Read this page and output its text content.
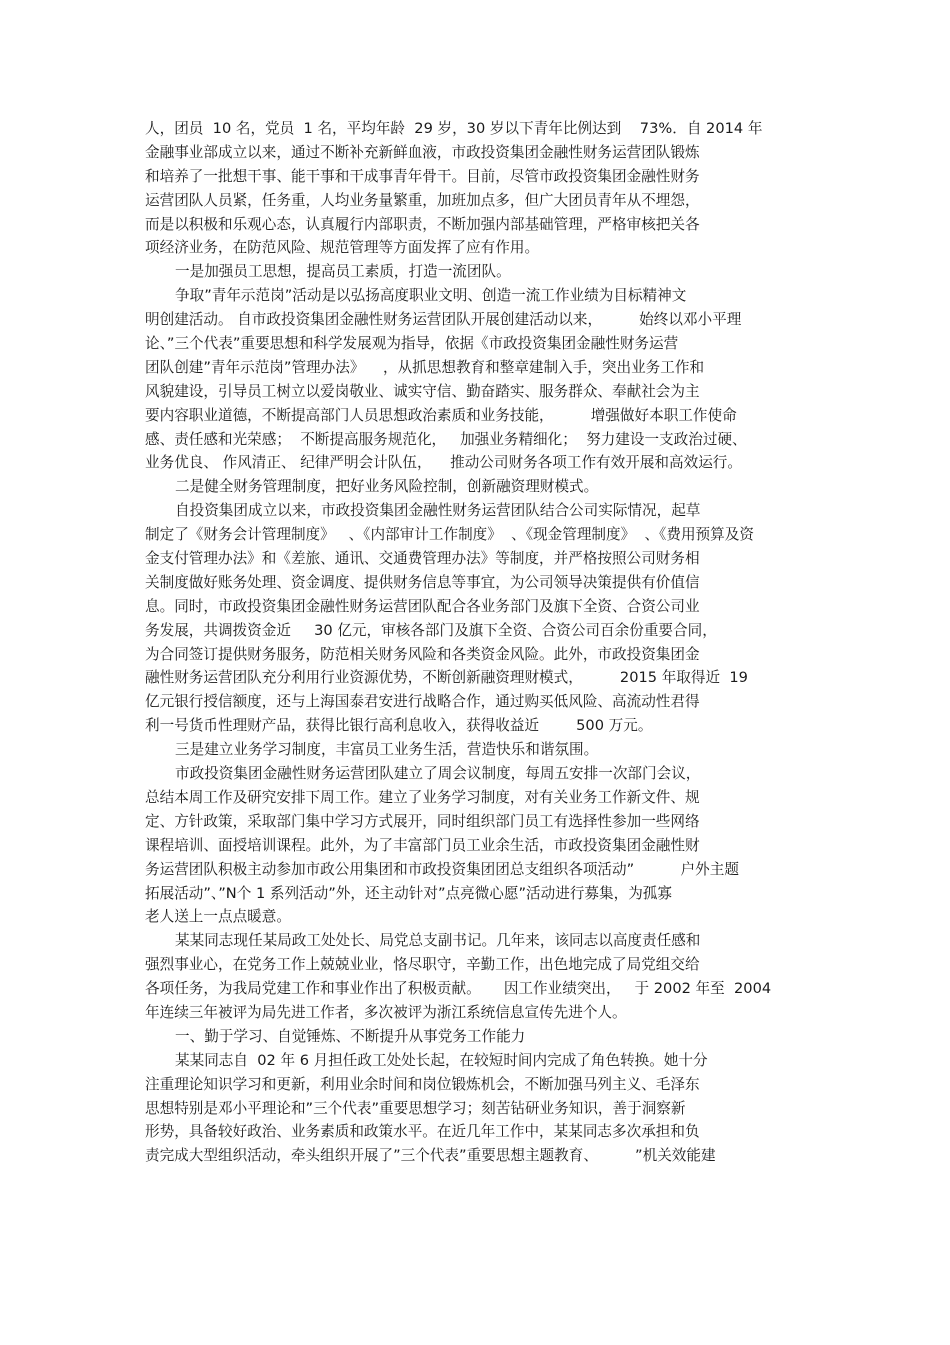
人，团员  10 名，党员  1 名，平均年龄  29 岁，30 岁以下青年比例达到    73%．自 2014 年
金融事业部成立以来，通过不断补充新鲜血液，市政投资集团金融性财务运营团队锻炼
和培养了一批想干事、能干事和干成事青年骨干。目前，尽管市政投资集团金融性财务
运营团队人员紧，任务重，人均业务量繁重，加班加点多，但广大团员青年从不埋怨，
而是以积极和乐观心态，认真履行内部职责，不断加强内部基础管理，严格审核把关各
项经济业务，在防范风险、规范管理等方面发挥了应有作用。
一是加强员工思想，提高员工素质，打造一流团队。
争取”青年示范岗”活动是以弘扬高度职业文明、创造一流工作业绩为目标精神文
明创建活动。 自市政投资集团金融性财务运营团队开展创建活动以来，        始终以邓小平理
论、”三个代表”重要思想和科学发展观为指导，依据《市政投资集团金融性财务运营
团队创建”青年示范岗”管理办法》    ，从抓思想教育和整章建制入手，突出业务工作和
风貌建设，引导员工树立以爱岗敬业、诚实守信、勤奋踏实、服务群众、奉献社会为主
要内容职业道德，不断提高部门人员思想政治素质和业务技能，        增强做好本职工作使命
感、责任感和光荣感；  不断提高服务规范化，   加强业务精细化；  努力建设一支政治过硬、
业务优良、 作风清正、 纪律严明会计队伍，    推动公司财务各项工作有效开展和高效运行。
二是健全财务管理制度，把好业务风险控制，创新融资理财模式。
自投资集团成立以来，市政投资集团金融性财务运营团队结合公司实际情况，起草
制定了《财务会计管理制度》   、《内部审计工作制度》  、《现金管理制度》  、《费用预算及资
金支付管理办法》和《差旅、通讯、交通费管理办法》等制度，并严格按照公司财务相
关制度做好账务处理、资金调度、提供财务信息等事宜，为公司领导决策提供有价值信
息。同时，市政投资集团金融性财务运营团队配合各业务部门及旗下全资、合资公司业
务发展，共调拨资金近     30 亿元，审核各部门及旗下全资、合资公司百余份重要合同，
为合同签订提供财务服务，防范相关财务风险和各类资金风险。此外，市政投资集团金
融性财务运营团队充分利用行业资源优势，不断创新融资理财模式，        2015 年取得近  19
亿元银行授信额度，还与上海国泰君安进行战略合作，通过购买低风险、高流动性君得
利一号货币性理财产品，获得比银行高利息收入，获得收益近        500 万元。
三是建立业务学习制度，丰富员工业务生活，营造快乐和谐氛围。
市政投资集团金融性财务运营团队建立了周会议制度，每周五安排一次部门会议，
总结本周工作及研究安排下周工作。建立了业务学习制度，对有关业务工作新文件、规
定、方针政策，采取部门集中学习方式展开，同时组织部门员工有选择性参加一些网络
课程培训、面授培训课程。此外，为了丰富部门员工业余生活，市政投资集团金融性财
务运营团队积极主动参加市政公用集团和市政投资集团团总支组织各项活动”          户外主题
拓展活动”、”N个 1 系列活动”外，还主动针对”点亮微心愿”活动进行募集，为孤寡
老人送上一点点暖意。
某某同志现任某局政工处处长、局党总支副书记。几年来，该同志以高度责任感和
强烈事业心，在党务工作上兢兢业业，恪尽职守，辛勤工作，出色地完成了局党组交给
各项任务，为我局党建工作和事业作出了积极贡献。     因工作业绩突出，   于 2002 年至  2004
年连续三年被评为局先进工作者，多次被评为浙江系统信息宣传先进个人。
一、勤于学习、自觉锤炼、不断提升从事党务工作能力
某某同志自  02 年 6 月担任政工处处长起，在较短时间内完成了角色转换。她十分
注重理论知识学习和更新，利用业余时间和岗位锻炼机会，不断加强马列主义、毛泽东
思想特别是邓小平理论和”三个代表”重要思想学习；刻苦钻研业务知识，善于洞察新
形势，具备较好政治、业务素质和政策水平。在近几年工作中，某某同志多次承担和负
责完成大型组织活动，牵头组织开展了”三个代表”重要思想主题教育、        ”机关效能建
